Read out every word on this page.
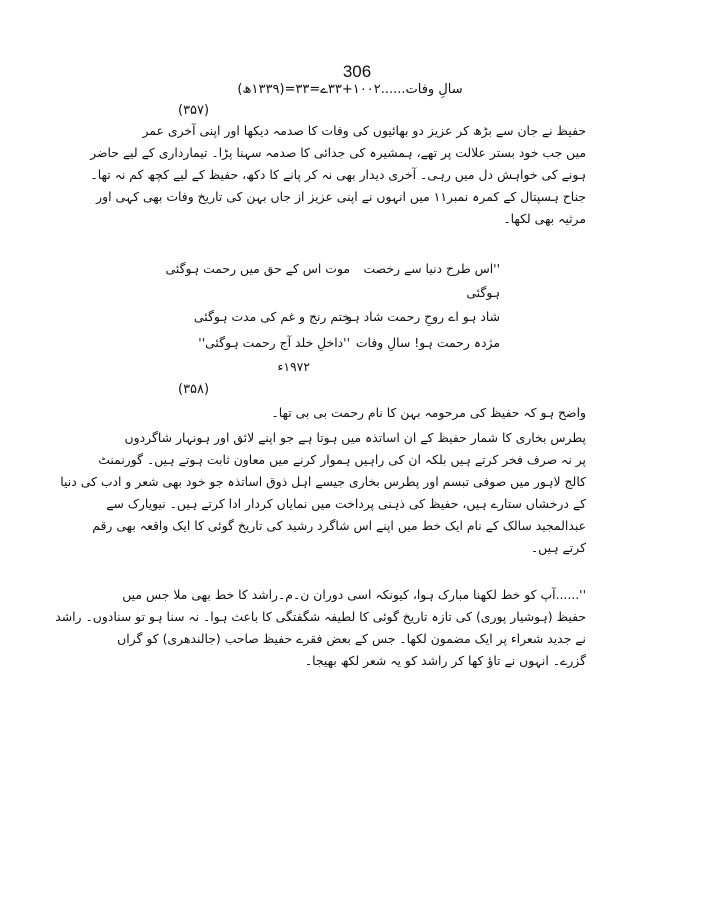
306
سالِ وفات......۱۰۰۲+۳۳ے=۳۳=(۱۳۳۹ھ)
(۳۵۷)
حفیظ نے جان سے بڑھ کر عزیز دو بھائیوں کی وفات کا صدمہ دیکھا اور اپنی آخری عمر
میں جب خود بستر علالت پر تھے، ہمشیرہ کی جدائی کا صدمہ سہنا پڑا۔ تیمارداری کے لیے حاضر
ہونے کی خواہش دل میں رہی۔ آخری دیدار بھی نہ کر پانے کا دکھ، حفیظ کے لیے کچھ کم نہ تھا۔
جناح ہسپتال کے کمرہ نمبر۱۱ میں انہوں نے اپنی عزیز از جاں بہن کی تاریخ وفات بھی کہی اور
مرثیہ بھی لکھا۔
''اس طرح دنیا سے رخصت
موت اس کے حق میں رحمت ہوگئی
ہوگئی
شاد ہو اے روحِ رحمت شاد ہو
ختم رنج و غم کی مدت ہوگئی
مژدہ رحمت ہو! سالِ وفات
''داخلِ خلد آج رحمت ہوگئی''
۱۹۷۲ء
(۳۵۸)
واضح ہو کہ حفیظ کی مرحومہ بہن کا نام رحمت بی بی تھا۔
پطرس بخاری کا شمار حفیظ کے ان اساتذہ میں ہوتا ہے جو اپنے لائق اور ہونہار شاگردوں
پر نہ صرف فخر کرتے ہیں بلکہ ان کی راہیں ہموار کرنے میں معاون ثابت ہوتے ہیں۔ گورنمنٹ
کالج لاہور میں صوفی تبسم اور پطرس بخاری جیسے اہل ذوق اساتذہ جو خود بھی شعر و ادب کی دنیا
کے درخشاں ستارے ہیں، حفیظ کی ذہنی پرداخت میں نمایاں کردار ادا کرتے ہیں۔ نیویارک سے
عبدالمجید سالک کے نام ایک خط میں اپنے اس شاگرد رشید کی تاریخ گوئی کا ایک واقعہ بھی رقم
کرتے ہیں۔
''......آپ کو خط لکھنا مبارک ہوا، کیونکہ اسی دوران ن۔م۔راشد کا خط بھی ملا جس میں
حفیظ (ہوشیار پوری) کی تازہ تاریخ گوئی کا لطیفہ شگفتگی کا باعث ہوا۔ نہ سنا ہو تو سنادوں۔ راشد
نے جدید شعراء پر ایک مضمون لکھا۔ جس کے بعض فقرے حفیظ صاحب (جالندھری) کو گراں
گزرے۔ انہوں نے تاؤ کھا کر راشد کو یہ شعر لکھ بھیجا۔
